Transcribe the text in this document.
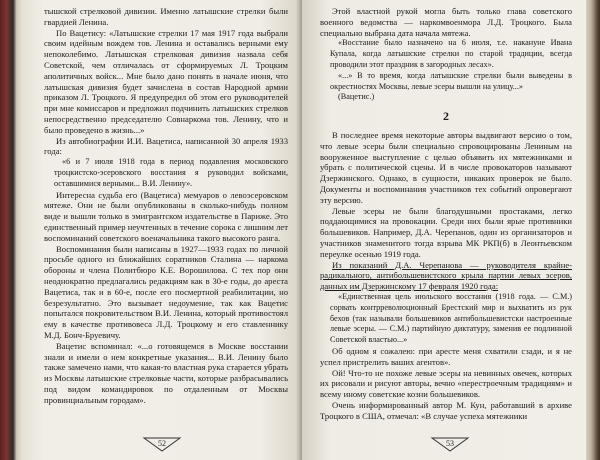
тышской стрелковой дивизии. Именно латышские стрелки были гвардией Ленина.

По Вацетису: «Латышские стрелки 17 мая 1917 года выбрали своим идейным вождем тов. Ленина и оставались верными ему непоколебимо. Латышская стрелковая дивизия назвала себя Советской, чем отличалась от сформируемых Л. Троцким аполитичных войск... Мне было дано понять в начале июня, что латышская дивизия будет зачислена в состав Народной армии приказом Л. Троцкого. Я предупредил об этом его руководителей при мне комиссаров и предложил подчинить латышских стрелков непосредственно председателю Совнаркома тов. Ленину, что и было проведено в жизнь...»

Из автобиографии И.И. Вацетиса, написанной 30 апреля 1933 года:

«6 и 7 июля 1918 года в период подавления московского троцкистско-эсеровского восстания я руководил войсками, оставшимися верными... В.И. Ленину».

Интересна судьба его (Вацетиса) мемуаров о левоэсеровском мятеже. Они не были опубликованы в сколько-нибудь полном виде и вышли только в эмигрантском издательстве в Париже. Это единственный пример неучтенных в течение сорока с лишним лет воспоминаний советского военачальника такого высокого ранга.

Воспоминания были написаны в 1927—1933 годах по личной просьбе одного из ближайших соратников Сталина — наркома обороны и члена Политбюро К.Е. Ворошилова. С тех пор они неоднократно предлагались редакциям как в 30-е годы, до ареста Вацетиса, так и в 60-е, после его посмертной реабилитации, но безрезультатно. Это вызывает недоумение, так как Вацетис попытался покровительством В.И. Ленина, который противостоял ему в качестве противовеса Л.Д. Троцкому и его ставленнику М.Д. Бонч-Бруевичу.

Вацетис вспоминал: «...о готовящемся в Москве восстании знали и имели о нем конкретные указания... В.И. Ленину было также замечено нами, что какая-то властная рука старается убрать из Москвы латышские стрелковые части, которые разбрасывались под видом командировок по отдаленным от Москвы провинциальным городам».

52

Этой властной рукой могла быть только глава советского военного ведомства — наркомвоенмора Л.Д. Троцкого. Была специально выбрана дата начала мятежа.

«Восстание было назначено на 6 июля, т.е. накануне Ивана Купала, когда латышские стрелки по старой традиции, всегда проводили этот праздник в загородных лесах».

«...» В то время, когда латышские стрелки были выведены в окрестностях Москвы, левые эсеры вышли на улицу...»

(Вацетис.)

2

В последнее время некоторые авторы выдвигают версию о том, что левые эсеры были специально спровоцированы Лениным на вооруженное выступление с целью объявить их мятежниками и убрать с политической сцены. И в числе провокаторов называют Дзержинского. Однако, в сущности, никаких проверок не было. Документы и воспоминания участников тех событий опровергают эту версию.

Левые эсеры не были благодушными простаками, легко поддающимися на провокации. Среди них были ярые противники большевиков. Например, Д.А. Черепанов, один из организаторов и участников знаменитого тогда взрыва МК РКП(б) в Леонтьевском переулке осенью 1919 года.

Из показаний Д.А. Черепанова — руководителя крайне-радикального, антибольшевистского крыла партии левых эсеров, данных им Дзержинскому 17 февраля 1920 года:

«Единственная цель июльского восстания (1918 года. — С.М.) сорвать контрреволюционный Брестский мир и выхватить из рук бехов (так называли большевиков антибольшевистски настроенные левые эсеры. — С.М.) партийную диктатуру, заменив ее подлинной Советской властью...»

Об одном я сожалею: при аресте меня схватили сзади, и я не успел пристрелить ваших агентов».

Ой! Что-то не похоже левые эсеры на невинных овечек, которых их рисовали и рисуют авторы, вечно «перестроечным традициям» и всему иному советские козни большевиков.

Очень информированный автор М. Кун, работавший в архиве Троцкого в США, отмечал: «В случае успеха мятежники

53
